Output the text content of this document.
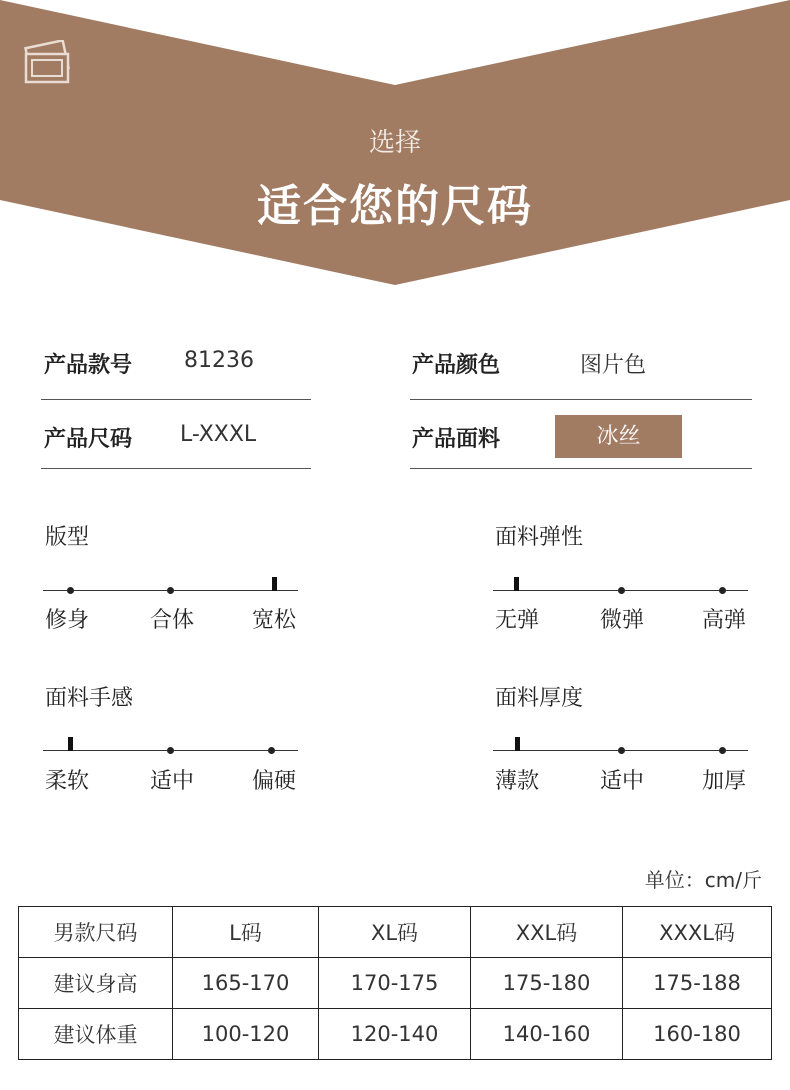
选择
适合您的尺码
产品款号 81236	产品颜色	图片色
产品尺码 L-XXXL	产品面料	冰丝
版型
修身	合体	宽松
面料弹性
无弹	微弹	高弹
面料手感
柔软	适中	偏硬
面料厚度
薄款	适中	加厚
单位：cm/斤
男款尺码	L码	XL码	XXL码	XXXL码
建议身高	165-170	170-175	175-180	175-188
建议体重	100-120	120-140	140-160	160-180
